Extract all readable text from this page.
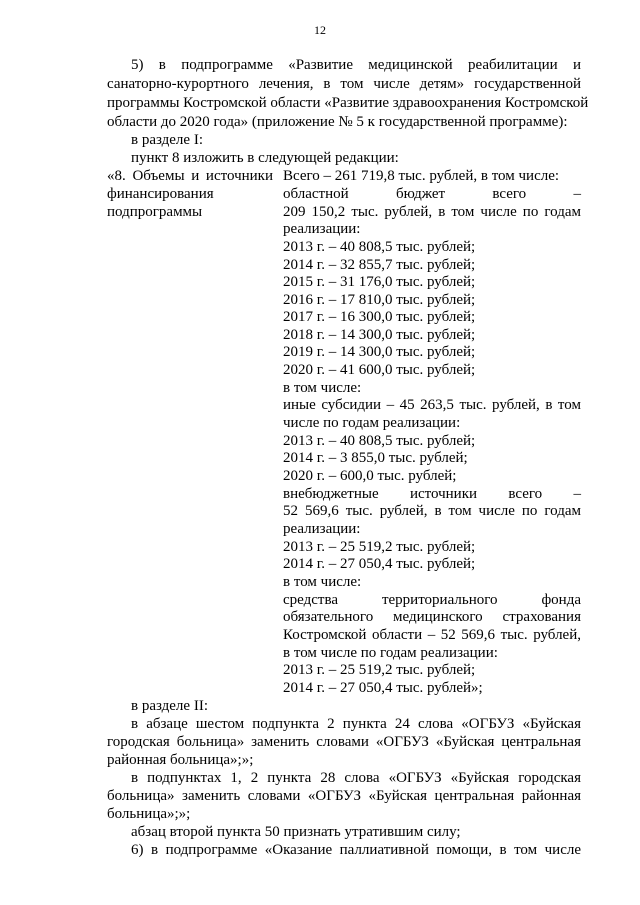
12
5) в подпрограмме «Развитие медицинской реабилитации и
санаторно-курортного лечения, в том числе детям» государственной
программы Костромской области «Развитие здравоохранения Костромской
области до 2020 года» (приложение № 5 к государственной программе):
в разделе I:
пункт 8 изложить в следующей редакции:
«8. Объемы и источники
финансирования
подпрограммы
Всего – 261 719,8 тыс. рублей, в том числе:
областной бюджет всего –
209 150,2 тыс. рублей, в том числе по годам
реализации:
2013 г. – 40 808,5 тыс. рублей;
2014 г. – 32 855,7 тыс. рублей;
2015 г. – 31 176,0 тыс. рублей;
2016 г. – 17 810,0 тыс. рублей;
2017 г. – 16 300,0 тыс. рублей;
2018 г. – 14 300,0 тыс. рублей;
2019 г. – 14 300,0 тыс. рублей;
2020 г. – 41 600,0 тыс. рублей;
в том числе:
иные субсидии – 45 263,5 тыс. рублей, в том
числе по годам реализации:
2013 г. – 40 808,5 тыс. рублей;
2014 г. – 3 855,0 тыс. рублей;
2020 г. – 600,0 тыс. рублей;
внебюджетные источники всего –
52 569,6 тыс. рублей, в том числе по годам
реализации:
2013 г. – 25 519,2 тыс. рублей;
2014 г. – 27 050,4 тыс. рублей;
в том числе:
средства территориального фонда
обязательного медицинского страхования
Костромской области – 52 569,6 тыс. рублей,
в том числе по годам реализации:
2013 г. – 25 519,2 тыс. рублей;
2014 г. – 27 050,4 тыс. рублей»;
в разделе II:
в абзаце шестом подпункта 2 пункта 24 слова «ОГБУЗ «Буйская
городская больница» заменить словами «ОГБУЗ «Буйская центральная
районная больница»;»;
в подпунктах 1, 2 пункта 28 слова «ОГБУЗ «Буйская городская
больница» заменить словами «ОГБУЗ «Буйская центральная районная
больница»;»;
абзац второй пункта 50 признать утратившим силу;
6) в подпрограмме «Оказание паллиативной помощи, в том числе
